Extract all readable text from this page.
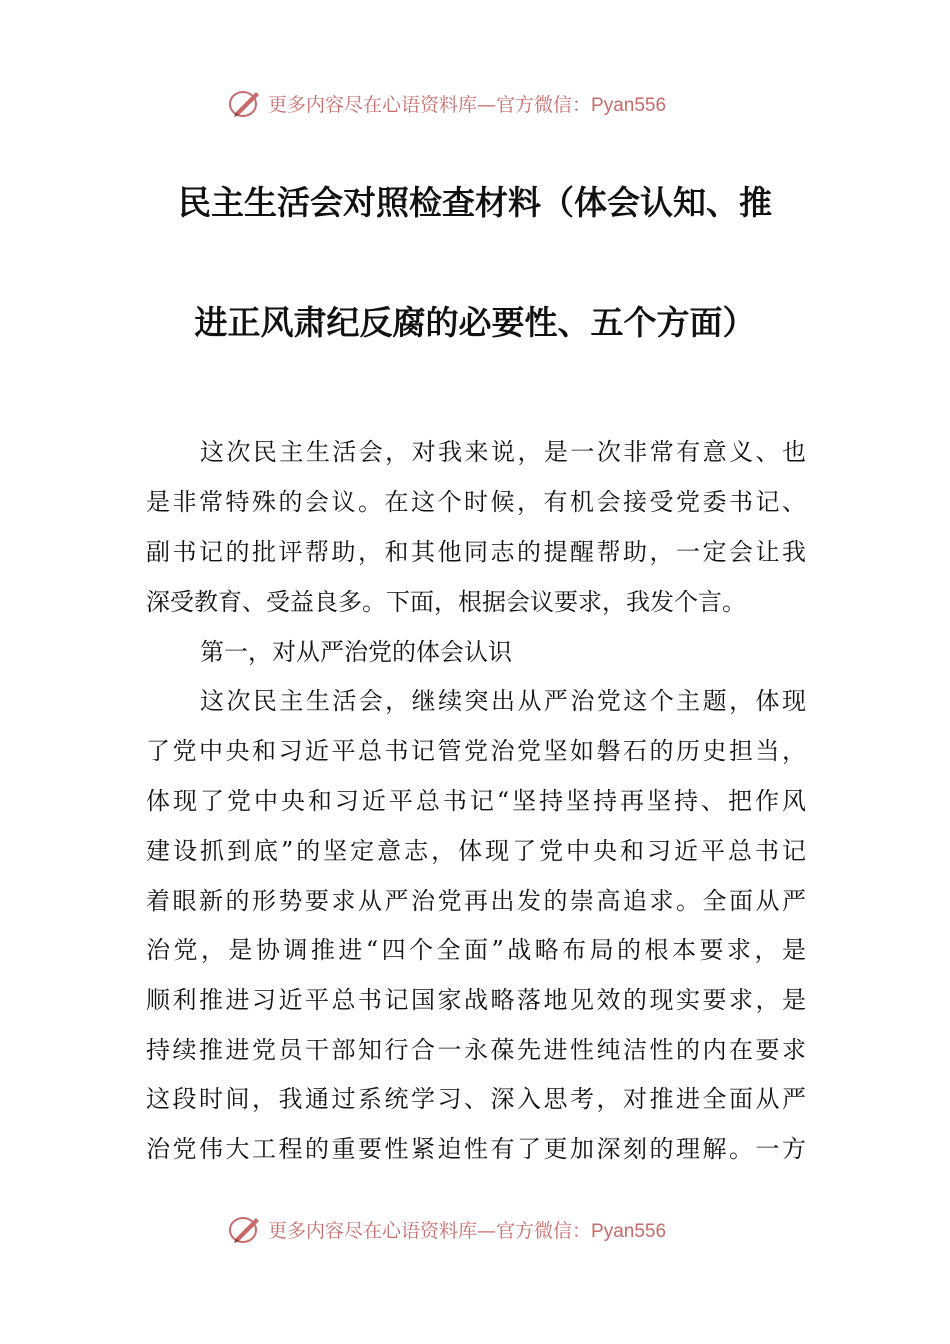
更多内容尽在心语资料库—官方微信：Pyan556
民主生活会对照检查材料（体会认知、推
进正风肃纪反腐的必要性、五个方面）
这次民主生活会，对我来说，是一次非常有意义、也
是非常特殊的会议。在这个时候，有机会接受党委书记、
副书记的批评帮助，和其他同志的提醒帮助，一定会让我
深受教育、受益良多。下面，根据会议要求，我发个言。
第一，对从严治党的体会认识
这次民主生活会，继续突出从严治党这个主题，体现
了党中央和习近平总书记管党治党坚如磐石的历史担当，
体现了党中央和习近平总书记“坚持坚持再坚持、把作风
建设抓到底”的坚定意志，体现了党中央和习近平总书记
着眼新的形势要求从严治党再出发的崇高追求。全面从严
治党，是协调推进“四个全面”战略布局的根本要求，是
顺利推进习近平总书记国家战略落地见效的现实要求，是
持续推进党员干部知行合一永葆先进性纯洁性的内在要求
这段时间，我通过系统学习、深入思考，对推进全面从严
治党伟大工程的重要性紧迫性有了更加深刻的理解。一方
更多内容尽在心语资料库—官方微信：Pyan556
